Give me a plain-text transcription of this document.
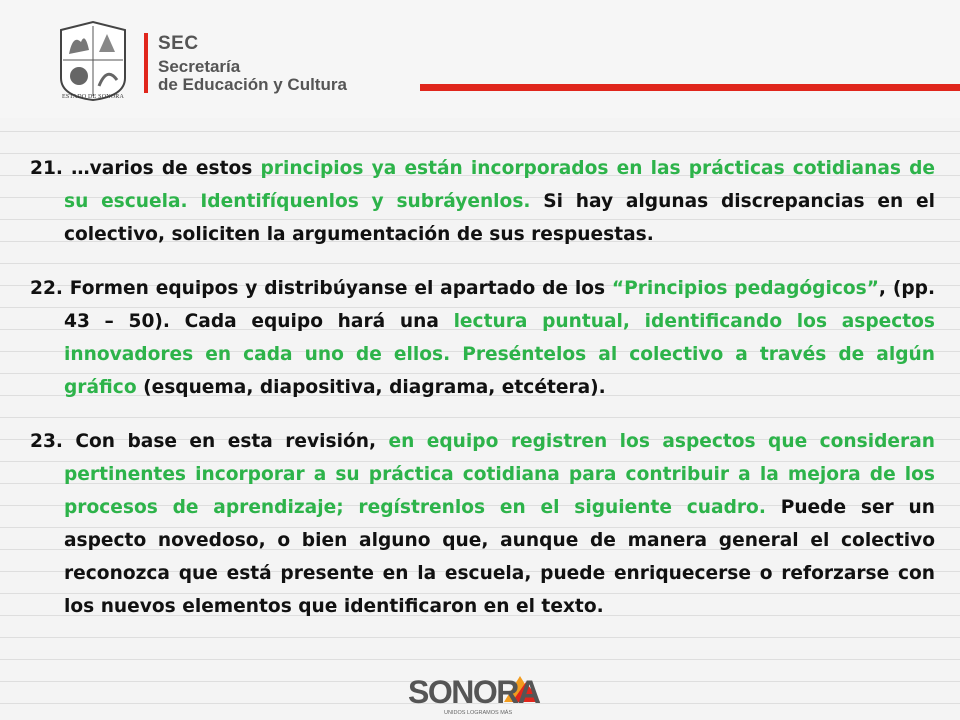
ESTADO DE SONORA
SEC
Secretaría
de Educación y Cultura

21. …varios de estos principios ya están incorporados en las prácticas cotidianas de su escuela. Identifíquenlos y subráyenlos. Si hay algunas discrepancias en el colectivo, soliciten la argumentación de sus respuestas.

22. Formen equipos y distribúyanse el apartado de los “Principios pedagógicos”, (pp. 43 – 50). Cada equipo hará una lectura puntual, identificando los aspectos innovadores en cada uno de ellos. Preséntelos al colectivo a través de algún gráfico (esquema, diapositiva, diagrama, etcétera).

23. Con base en esta revisión, en equipo registren los aspectos que consideran pertinentes incorporar a su práctica cotidiana para contribuir a la mejora de los procesos de aprendizaje; regístrenlos en el siguiente cuadro. Puede ser un aspecto novedoso, o bien alguno que, aunque de manera general el colectivo reconozca que está presente en la escuela, puede enriquecerse o reforzarse con los nuevos elementos que identificaron en el texto.

SONORA
UNIDOS LOGRAMOS MÁS
